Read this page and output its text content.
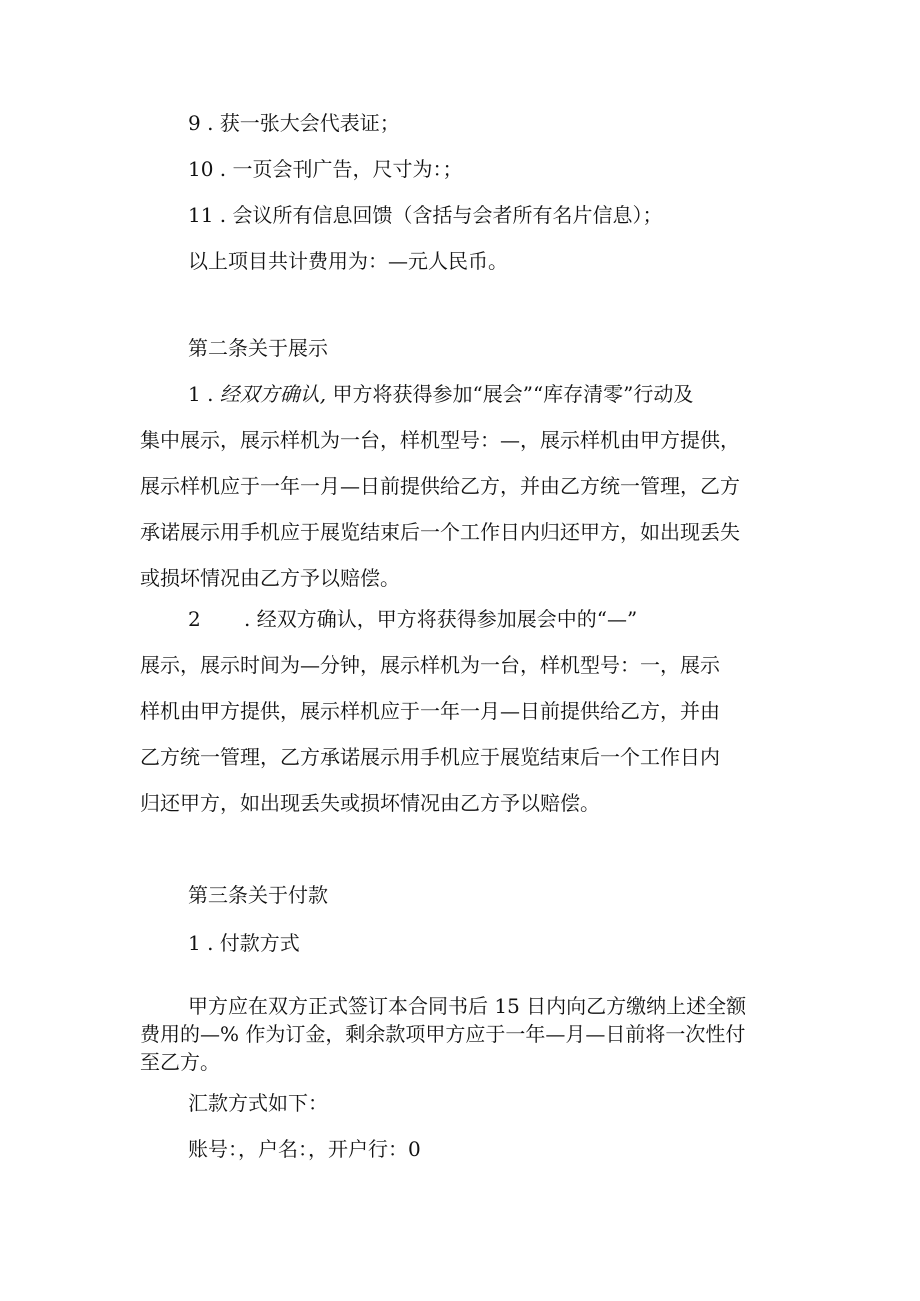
9 . 获一张大会代表证；
10 . 一页会刊广告，尺寸为：；
11 . 会议所有信息回馈（含括与会者所有名片信息）；
以上项目共计费用为：—元人民币。
第二条关于展示
1 . 经双方确认, 甲方将获得参加“展会”“库存清零”行动及
集中展示，展示样机为一台，样机型号：—，展示样机由甲方提供，
展示样机应于一年一月—日前提供给乙方，并由乙方统一管理，乙方
承诺展示用手机应于展览结束后一个工作日内归还甲方，如出现丢失
或损坏情况由乙方予以赔偿。
2 . 经双方确认，甲方将获得参加展会中的“—”
展示，展示时间为—分钟，展示样机为一台，样机型号：一，展示
样机由甲方提供，展示样机应于一年一月—日前提供给乙方，并由
乙方统一管理，乙方承诺展示用手机应于展览结束后一个工作日内
归还甲方，如出现丢失或损坏情况由乙方予以赔偿。
第三条关于付款
1 . 付款方式
甲方应在双方正式签订本合同书后 15 日内向乙方缴纳上述全额
费用的—% 作为订金，剩余款项甲方应于一年—月—日前将一次性付
至乙方。
汇款方式如下：
账号：，户名：，开户行：0
